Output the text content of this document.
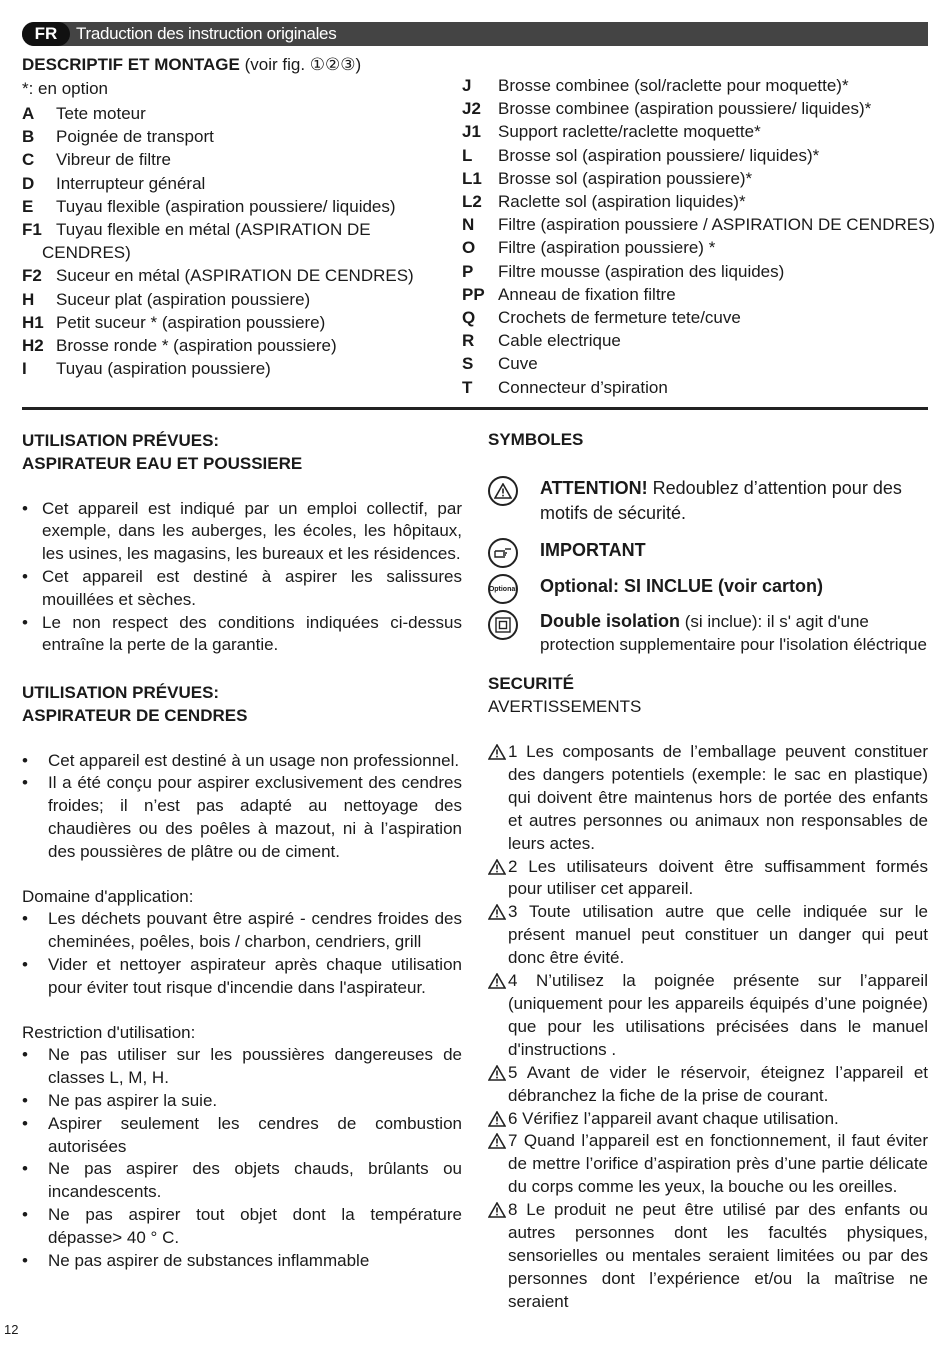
FR	Traduction des instruction originales
DESCRIPTIF ET MONTAGE (voir fig. ①②③)
*: en option
A	Tete moteur
B	Poignée de transport
C	Vibreur de filtre
D	Interrupteur général
E	Tuyau flexible (aspiration poussiere/ liquides)
F1 Tuyau flexible en métal (ASPIRATION DE
CENDRES)
F2 Suceur en métal (ASPIRATION DE CENDRES)
H	Suceur plat (aspiration poussiere)
H1 Petit suceur * (aspiration poussiere)
H2 Brosse ronde * (aspiration poussiere)
I	Tuyau (aspiration poussiere)
J	Brosse combinee (sol/raclette pour moquette)*
J2	Brosse combinee (aspiration poussiere/ liquides)*
J1	Support raclette/raclette moquette*
L	Brosse sol (aspiration poussiere/ liquides)*
L1 Brosse sol (aspiration poussiere)*
L2 Raclette sol (aspiration liquides)*
N	Filtre (aspiration poussiere / ASPIRATION DE CENDRES)
O	Filtre (aspiration poussiere) *
P	Filtre mousse (aspiration des liquides)
PP Anneau de fixation filtre
Q	Crochets de fermeture tete/cuve
R	Cable electrique
S	Cuve
T	Connecteur d’spiration
UTILISATION PRÉVUES:
ASPIRATEUR EAU ET POUSSIERE
• Cet appareil est indiqué par un emploi collectif, par exemple, dans les auberges, les écoles, les hôpitaux, les usines, les magasins, les bureaux et les résidences.
• Cet appareil est destiné à aspirer les salissures mouillées et sèches.
• Le non respect des conditions indiquées ci-dessus entraîne la perte de la garantie.
UTILISATION PRÉVUES:
ASPIRATEUR DE CENDRES
• Cet appareil est destiné à un usage non professionnel.
• Il a été conçu pour aspirer exclusivement des cendres froides; il n’est pas adapté au nettoyage des chaudières ou des poêles à mazout, ni à l’aspiration des poussières de plâtre ou de ciment.
Domaine d'application:
• Les déchets pouvant être aspiré - cendres froides des cheminées, poêles, bois / charbon, cendriers, grill
• Vider et nettoyer aspirateur après chaque utilisation pour éviter tout risque d'incendie dans l'aspirateur.
Restriction d'utilisation:
• Ne pas utiliser sur les poussières dangereuses de classes L, M, H.
• Ne pas aspirer la suie.
• Aspirer seulement les cendres de combustion autorisées
• Ne pas aspirer des objets chauds, brûlants ou incandescents.
• Ne pas aspirer tout objet dont la température dépasse> 40 ° C.
• Ne pas aspirer de substances inflammable
SYMBOLES
ATTENTION! Redoublez d’attention pour des motifs de sécurité.
IMPORTANT
Optional Optional: SI INCLUE (voir carton)
Double isolation (si inclue): il s' agit d'une protection supplementaire pour l'isolation éléctrique
SECURITÉ
AVERTISSEMENTS

1 Les composants de l’emballage peuvent constituer des dangers potentiels (exemple: le sac en plastique) qui doivent être maintenus hors de portée des enfants et autres personnes ou animaux non responsables de leurs actes.

2 Les utilisateurs doivent être suffisamment formés pour utiliser cet appareil.

3 Toute utilisation autre que celle indiquée sur le présent manuel peut constituer un danger qui peut donc être évité.

4 N’utilisez la poignée présente sur l’appareil (uniquement pour les appareils équipés d’une poignée) que pour les utilisations précisées dans le manuel d'instructions .

5 Avant de vider le réservoir, éteignez l’appareil et débranchez la fiche de la prise de courant.

6 Vérifiez l’appareil avant chaque utilisation.

7 Quand l’appareil est en fonctionnement, il faut éviter de mettre l’orifice d’aspiration près d’une partie délicate du corps comme les yeux, la bouche ou les oreilles.

8 Le produit ne peut être utilisé par des enfants ou autres personnes dont les facultés physiques, sensorielles ou mentales seraient limitées ou par des personnes dont l’expérience et/ou la maîtrise ne seraient

12
